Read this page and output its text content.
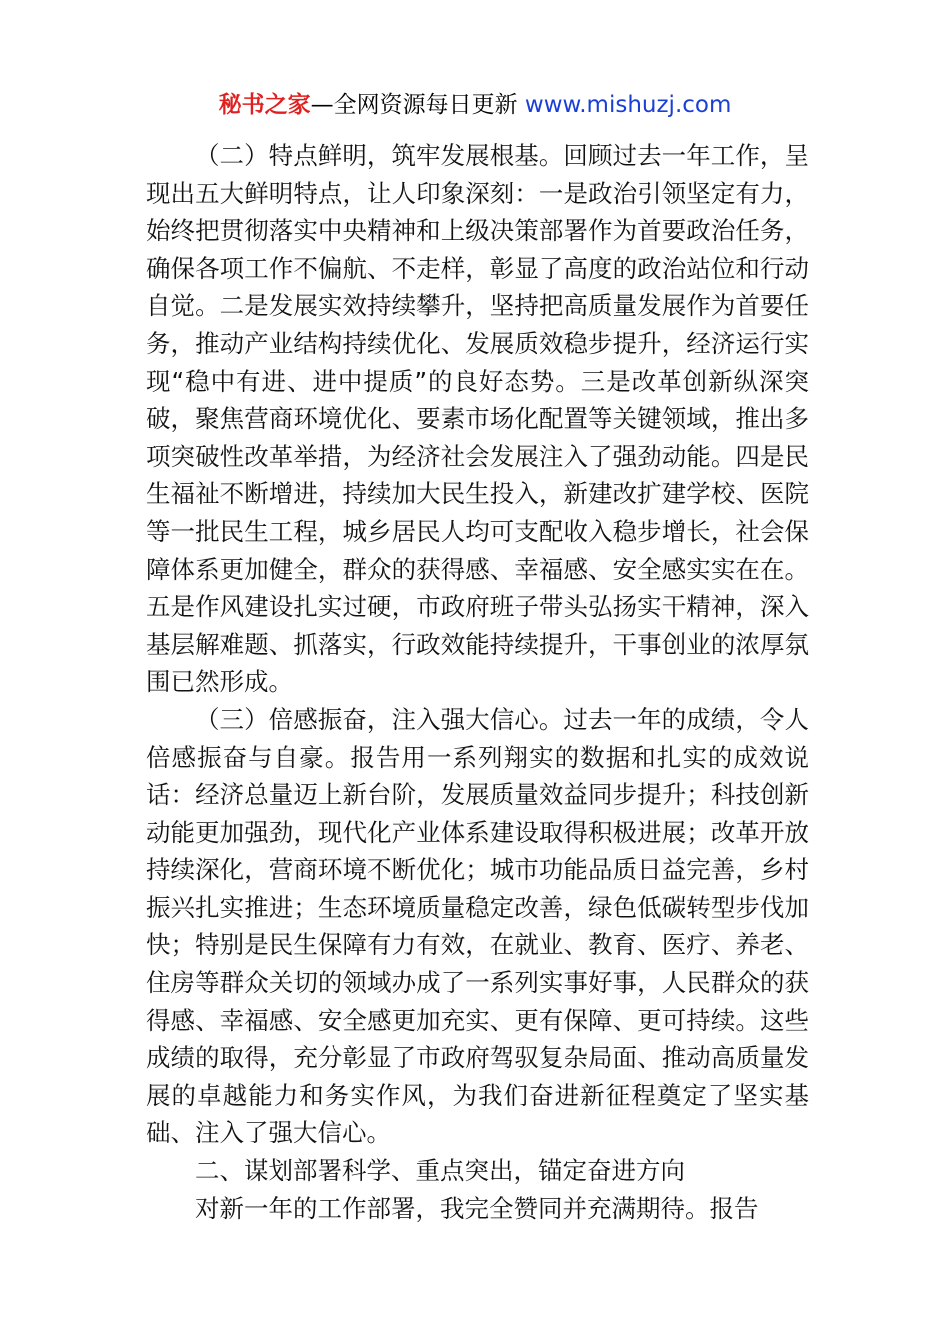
秘书之家—全网资源每日更新 www.mishuzj.com

（二）特点鲜明，筑牢发展根基。回顾过去一年工作，呈现出五大鲜明特点，让人印象深刻：一是政治引领坚定有力，始终把贯彻落实中央精神和上级决策部署作为首要政治任务，确保各项工作不偏航、不走样，彰显了高度的政治站位和行动自觉。二是发展实效持续攀升，坚持把高质量发展作为首要任务，推动产业结构持续优化、发展质效稳步提升，经济运行实现“稳中有进、进中提质”的良好态势。三是改革创新纵深突破，聚焦营商环境优化、要素市场化配置等关键领域，推出多项突破性改革举措，为经济社会发展注入了强劲动能。四是民生福祉不断增进，持续加大民生投入，新建改扩建学校、医院等一批民生工程，城乡居民人均可支配收入稳步增长，社会保障体系更加健全，群众的获得感、幸福感、安全感实实在在。五是作风建设扎实过硬，市政府班子带头弘扬实干精神，深入基层解难题、抓落实，行政效能持续提升，干事创业的浓厚氛围已然形成。

（三）倍感振奋，注入强大信心。过去一年的成绩，令人倍感振奋与自豪。报告用一系列翔实的数据和扎实的成效说话：经济总量迈上新台阶，发展质量效益同步提升；科技创新动能更加强劲，现代化产业体系建设取得积极进展；改革开放持续深化，营商环境不断优化；城市功能品质日益完善，乡村振兴扎实推进；生态环境质量稳定改善，绿色低碳转型步伐加快；特别是民生保障有力有效，在就业、教育、医疗、养老、住房等群众关切的领域办成了一系列实事好事，人民群众的获得感、幸福感、安全感更加充实、更有保障、更可持续。这些成绩的取得，充分彰显了市政府驾驭复杂局面、推动高质量发展的卓越能力和务实作风，为我们奋进新征程奠定了坚实基础、注入了强大信心。

二、谋划部署科学、重点突出，锚定奋进方向

对新一年的工作部署，我完全赞同并充满期待。报告
